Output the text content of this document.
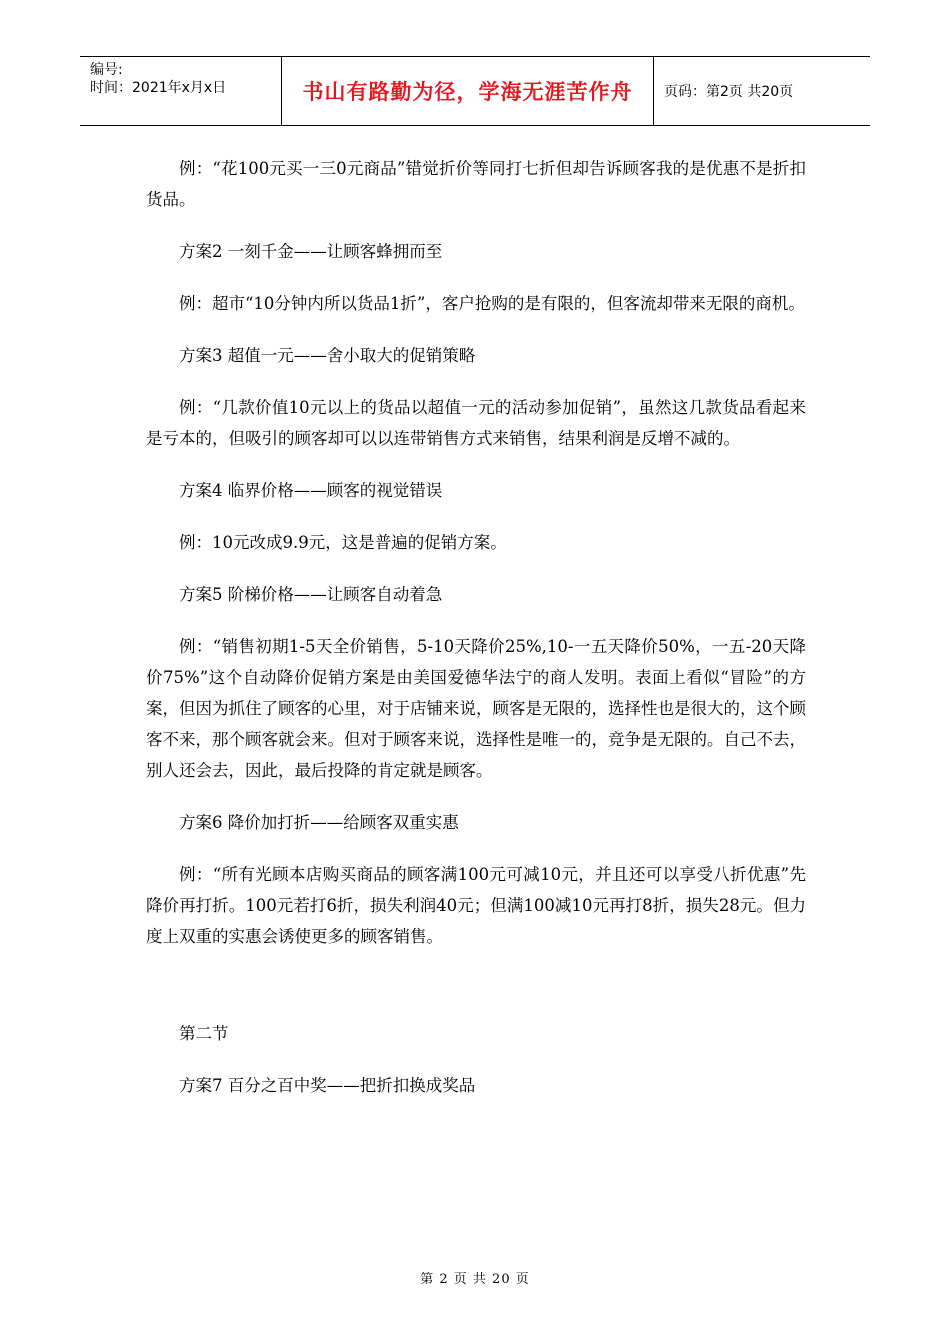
编号:
时间：2021年x月x日	书山有路勤为径，学海无涯苦作舟	页码：第2页 共20页

例：“花100元买一三0元商品”错觉折价等同打七折但却告诉顾客我的是优惠不是折扣货品。

方案2 一刻千金——让顾客蜂拥而至

例：超市“10分钟内所以货品1折”，客户抢购的是有限的，但客流却带来无限的商机。

方案3 超值一元——舍小取大的促销策略

例：“几款价值10元以上的货品以超值一元的活动参加促销”，虽然这几款货品看起来是亏本的，但吸引的顾客却可以以连带销售方式来销售，结果利润是反增不减的。

方案4 临界价格——顾客的视觉错误

例：10元改成9.9元，这是普遍的促销方案。

方案5 阶梯价格——让顾客自动着急

例：“销售初期1-5天全价销售，5-10天降价25%,10-一五天降价50%，一五-20天降价75%”这个自动降价促销方案是由美国爱德华法宁的商人发明。表面上看似“冒险”的方案，但因为抓住了顾客的心里，对于店铺来说，顾客是无限的，选择性也是很大的，这个顾客不来，那个顾客就会来。但对于顾客来说，选择性是唯一的，竞争是无限的。自己不去，别人还会去，因此，最后投降的肯定就是顾客。

方案6 降价加打折——给顾客双重实惠

例：“所有光顾本店购买商品的顾客满100元可减10元，并且还可以享受八折优惠”先降价再打折。100元若打6折，损失利润40元；但满100减10元再打8折，损失28元。但力度上双重的实惠会诱使更多的顾客销售。

第二节

方案7 百分之百中奖——把折扣换成奖品

第 2 页 共 20 页
